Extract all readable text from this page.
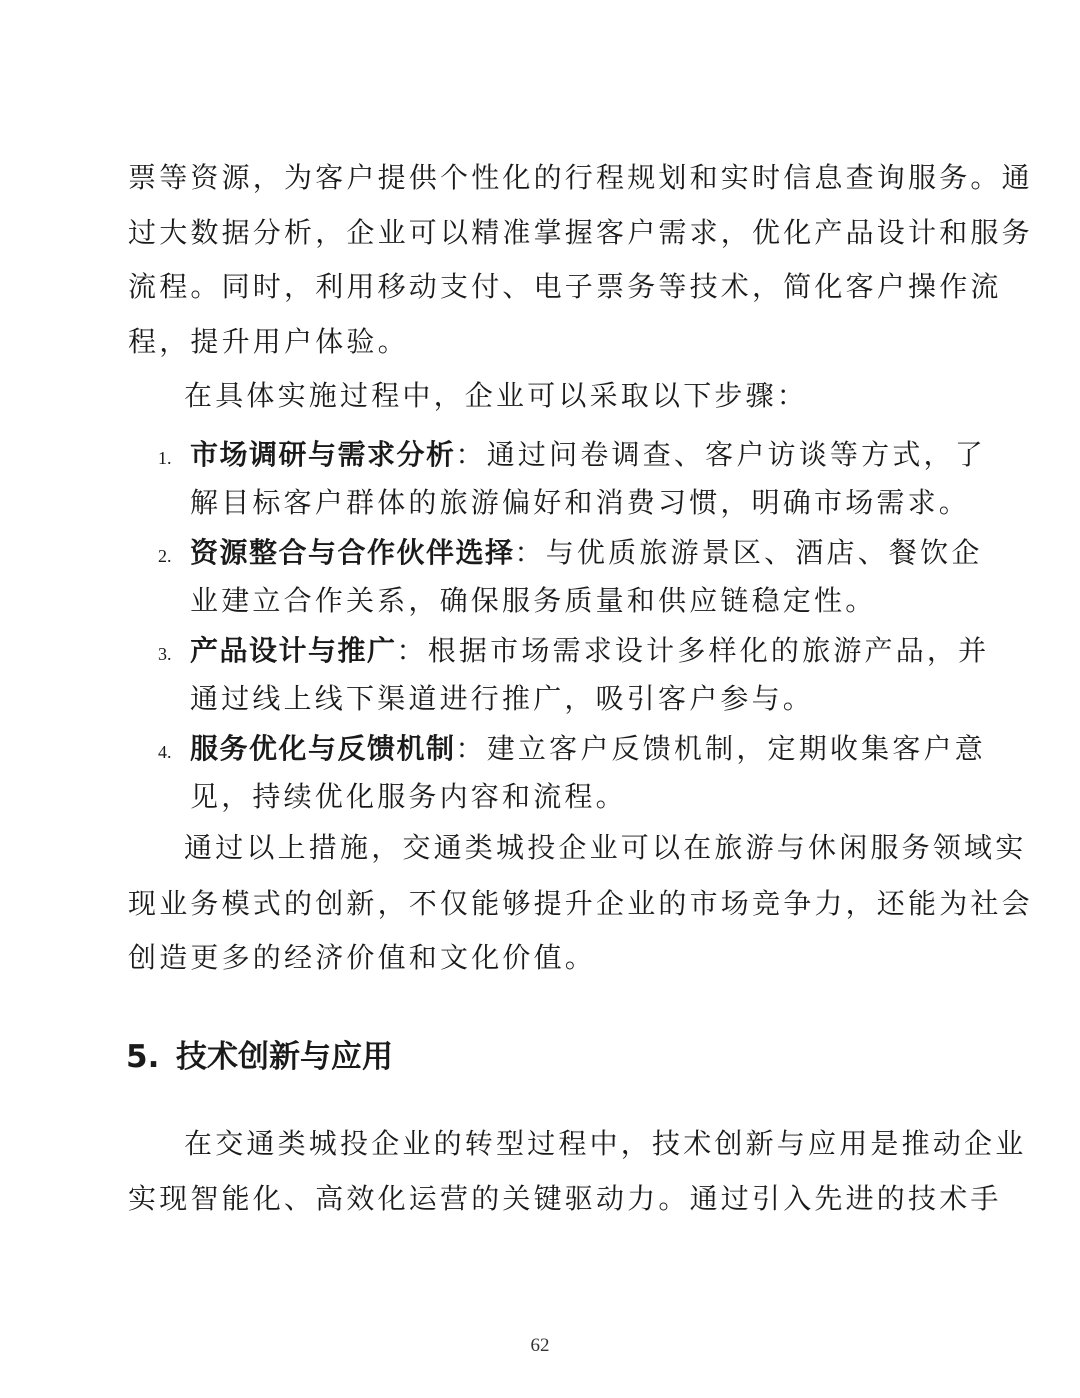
票等资源，为客户提供个性化的行程规划和实时信息查询服务。通
过大数据分析，企业可以精准掌握客户需求，优化产品设计和服务
流程。同时，利用移动支付、电子票务等技术，简化客户操作流
程，提升用户体验。
在具体实施过程中，企业可以采取以下步骤：
1. 市场调研与需求分析：通过问卷调查、客户访谈等方式，了
解目标客户群体的旅游偏好和消费习惯，明确市场需求。
2. 资源整合与合作伙伴选择：与优质旅游景区、酒店、餐饮企
业建立合作关系，确保服务质量和供应链稳定性。
3. 产品设计与推广：根据市场需求设计多样化的旅游产品，并
通过线上线下渠道进行推广，吸引客户参与。
4. 服务优化与反馈机制：建立客户反馈机制，定期收集客户意
见，持续优化服务内容和流程。
通过以上措施，交通类城投企业可以在旅游与休闲服务领域实
现业务模式的创新，不仅能够提升企业的市场竞争力，还能为社会
创造更多的经济价值和文化价值。
5. 技术创新与应用
在交通类城投企业的转型过程中，技术创新与应用是推动企业
实现智能化、高效化运营的关键驱动力。通过引入先进的技术手
62
